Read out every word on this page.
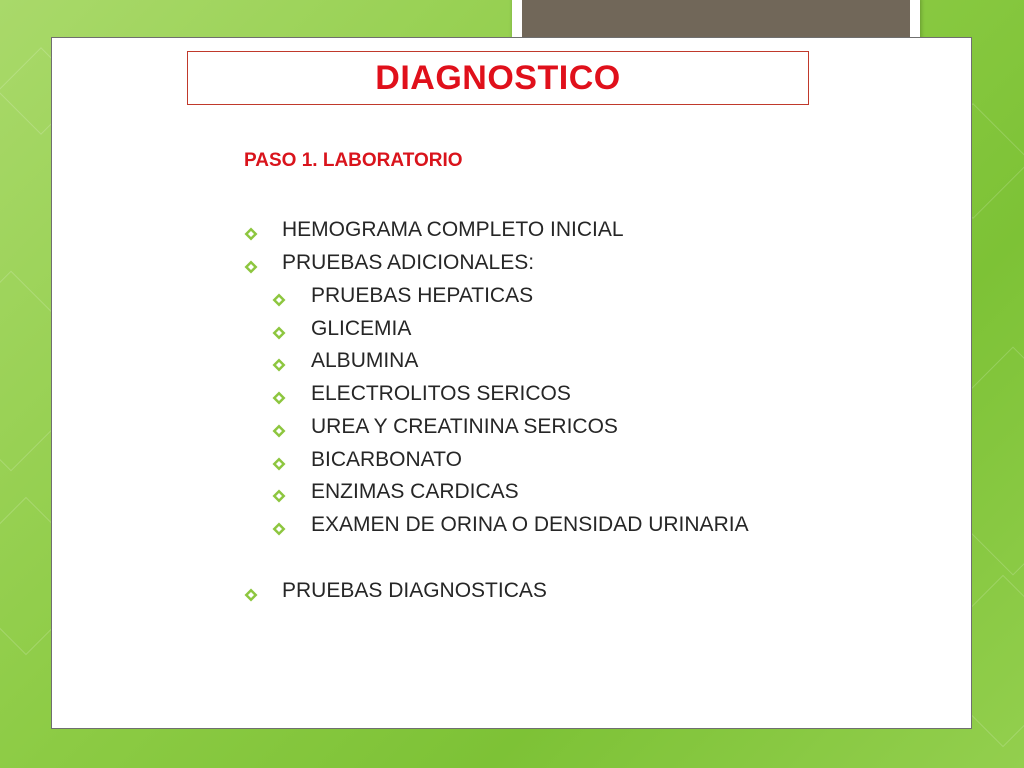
DIAGNOSTICO
PASO 1. LABORATORIO
HEMOGRAMA COMPLETO INICIAL
PRUEBAS ADICIONALES:
PRUEBAS HEPATICAS
GLICEMIA
ALBUMINA
ELECTROLITOS SERICOS
UREA Y CREATININA SERICOS
BICARBONATO
ENZIMAS CARDICAS
EXAMEN DE ORINA O DENSIDAD URINARIA
PRUEBAS DIAGNOSTICAS
